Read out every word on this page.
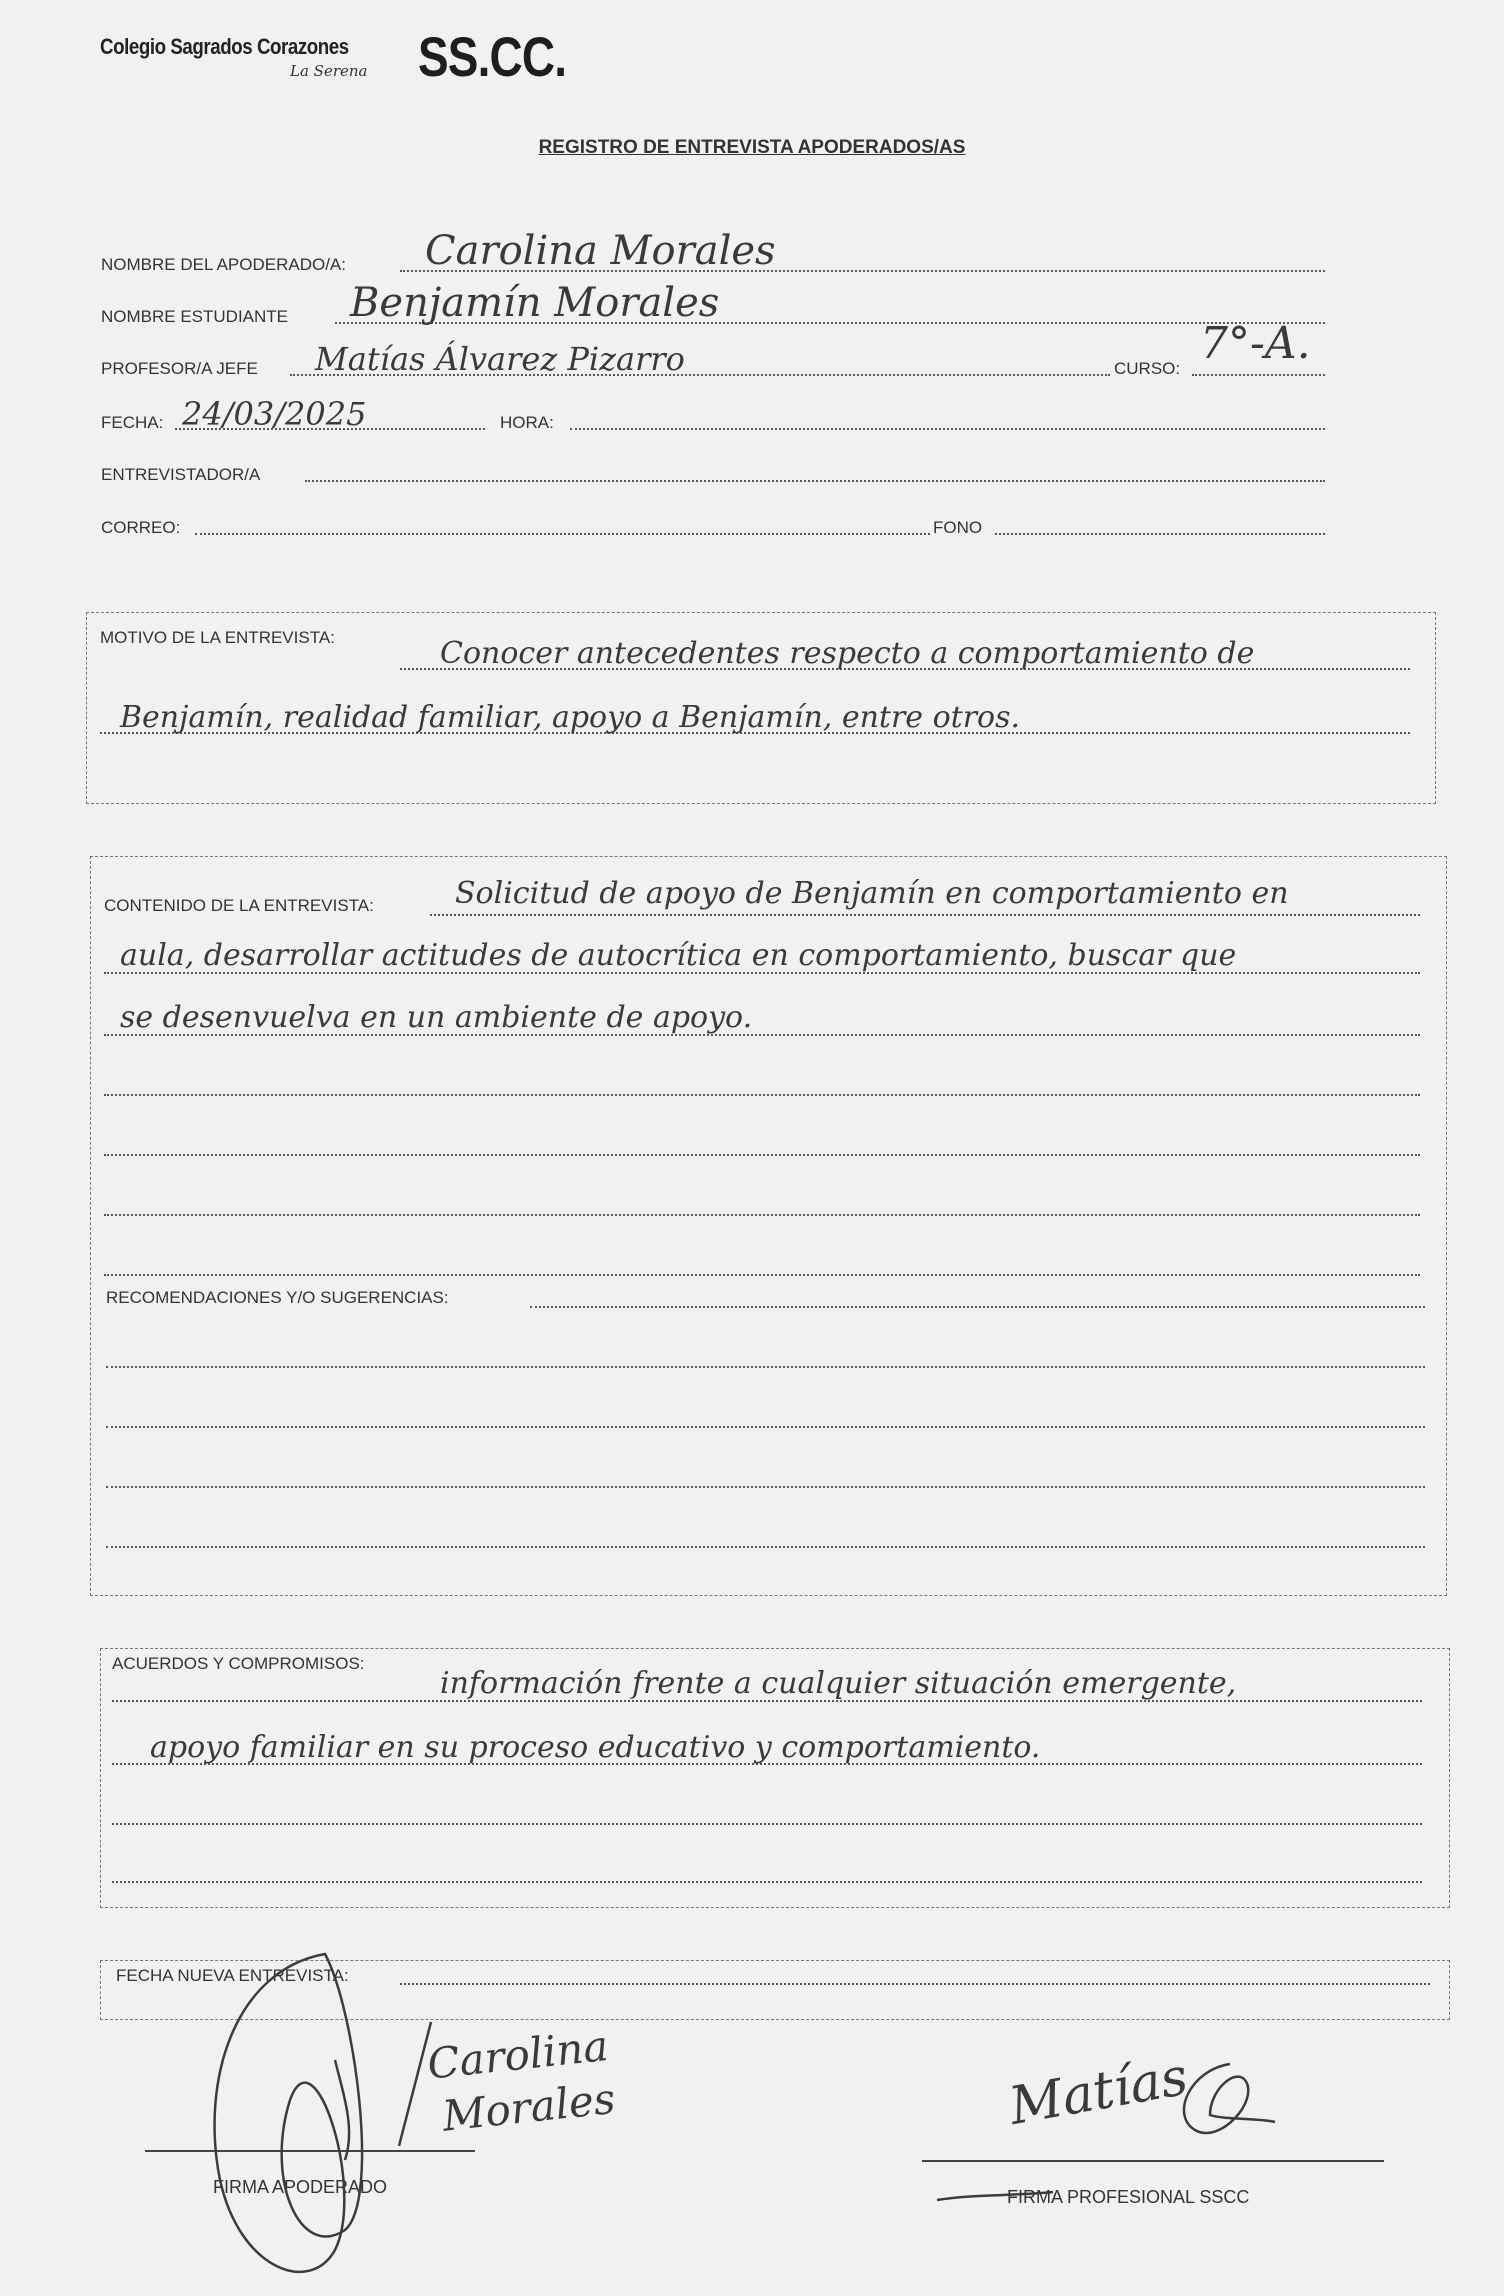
Colegio Sagrados Corazones
La Serena SS.CC.
REGISTRO DE ENTREVISTA APODERADOS/AS
NOMBRE DEL APODERADO/A: Carolina Morales
NOMBRE ESTUDIANTE Benjamín Morales
PROFESOR/A JEFE Matías Álvarez Pizarro	CURSO: 7°-A.
FECHA: 24/03/2025	HORA:
ENTREVISTADOR/A
CORREO:	FONO
MOTIVO DE LA ENTREVISTA:	Conocer antecedentes respecto a comportamiento de
Benjamín, realidad familiar, apoyo a Benjamín, entre otros.
CONTENIDO DE LA ENTREVISTA:	Solicitud de apoyo de Benjamín en comportamiento en
aula, desarrollar actitudes de autocrítica en comportamiento, buscar que
se desenvuelva en un ambiente de apoyo.
RECOMENDACIONES Y/O SUGERENCIAS:
ACUERDOS Y COMPROMISOS:
información frente a cualquier situación emergente,
apoyo familiar en su proceso educativo y comportamiento.
FECHA NUEVA ENTREVISTA:
FIRMA APODERADO
Carolina
Morales
FIRMA PROFESIONAL SSCC
Matías
